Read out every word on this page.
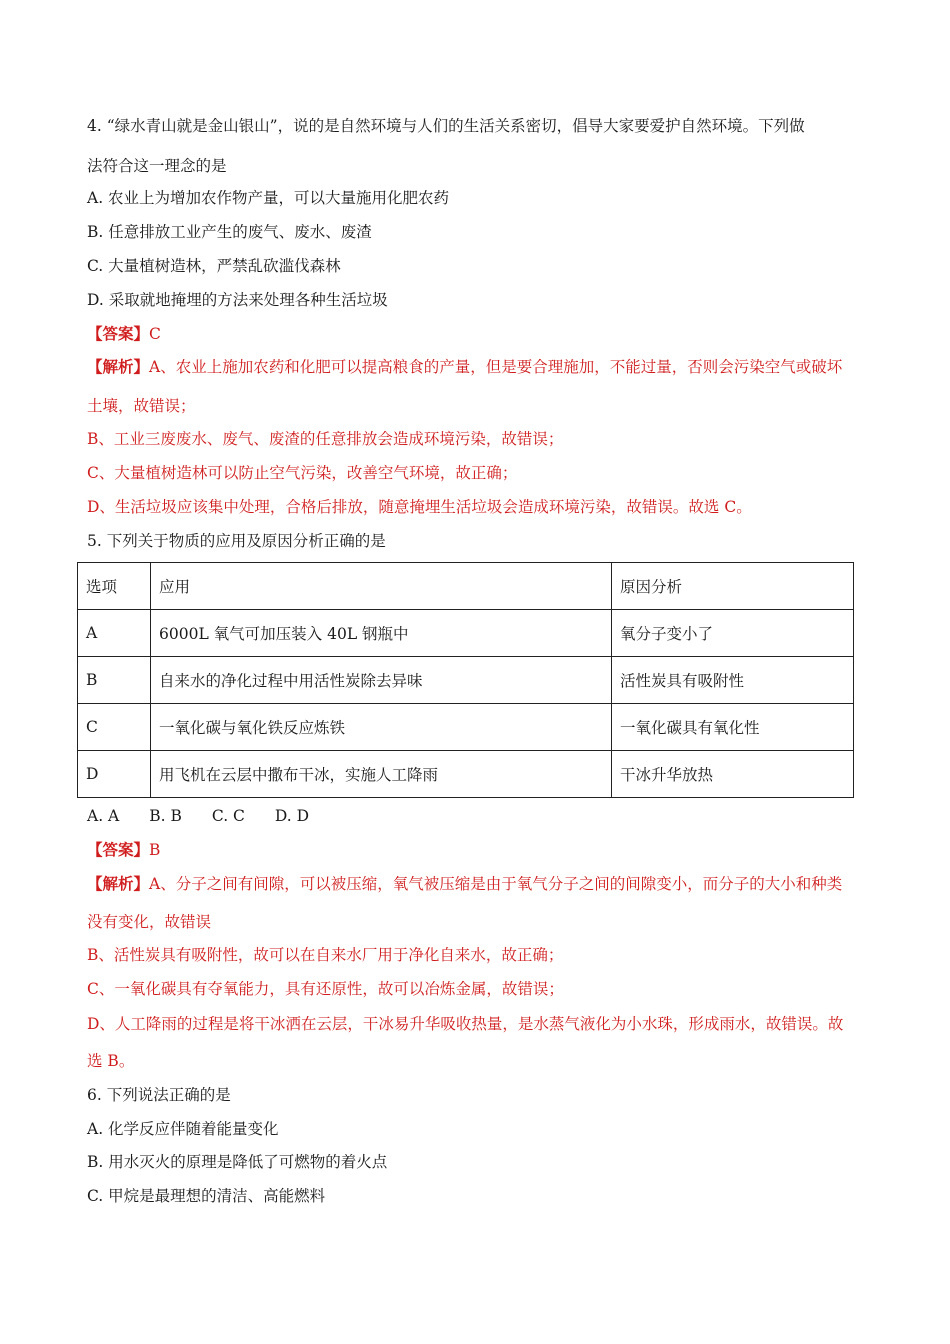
4. “绿水青山就是金山银山”，说的是自然环境与人们的生活关系密切，倡导大家要爱护自然环境。下列做
法符合这一理念的是
A. 农业上为增加农作物产量，可以大量施用化肥农药
B. 任意排放工业产生的废气、废水、废渣
C. 大量植树造林，严禁乱砍滥伐森林
D. 采取就地掩埋的方法来处理各种生活垃圾
【答案】C
【解析】A、农业上施加农药和化肥可以提高粮食的产量，但是要合理施加，不能过量，否则会污染空气或破坏
土壤，故错误；
B、工业三废废水、废气、废渣的任意排放会造成环境污染，故错误；
C、大量植树造林可以防止空气污染，改善空气环境，故正确；
D、生活垃圾应该集中处理，合格后排放，随意掩埋生活垃圾会造成环境污染，故错误。故选 C。
5. 下列关于物质的应用及原因分析正确的是
选项	应用	原因分析
A	6000L 氧气可加压装入 40L 钢瓶中	氧分子变小了
B	自来水的净化过程中用活性炭除去异味	活性炭具有吸附性
C	一氧化碳与氧化铁反应炼铁	一氧化碳具有氧化性
D	用飞机在云层中撒布干冰，实施人工降雨	干冰升华放热
A. A B. B C. C D. D
【答案】B
【解析】A、分子之间有间隙，可以被压缩，氧气被压缩是由于氧气分子之间的间隙变小，而分子的大小和种类
没有变化，故错误
B、活性炭具有吸附性，故可以在自来水厂用于净化自来水，故正确；
C、一氧化碳具有夺氧能力，具有还原性，故可以冶炼金属，故错误；
D、人工降雨的过程是将干冰洒在云层，干冰易升华吸收热量，是水蒸气液化为小水珠，形成雨水，故错误。故
选 B。
6. 下列说法正确的是
A. 化学反应伴随着能量变化
B. 用水灭火的原理是降低了可燃物的着火点
C. 甲烷是最理想的清洁、高能燃料
